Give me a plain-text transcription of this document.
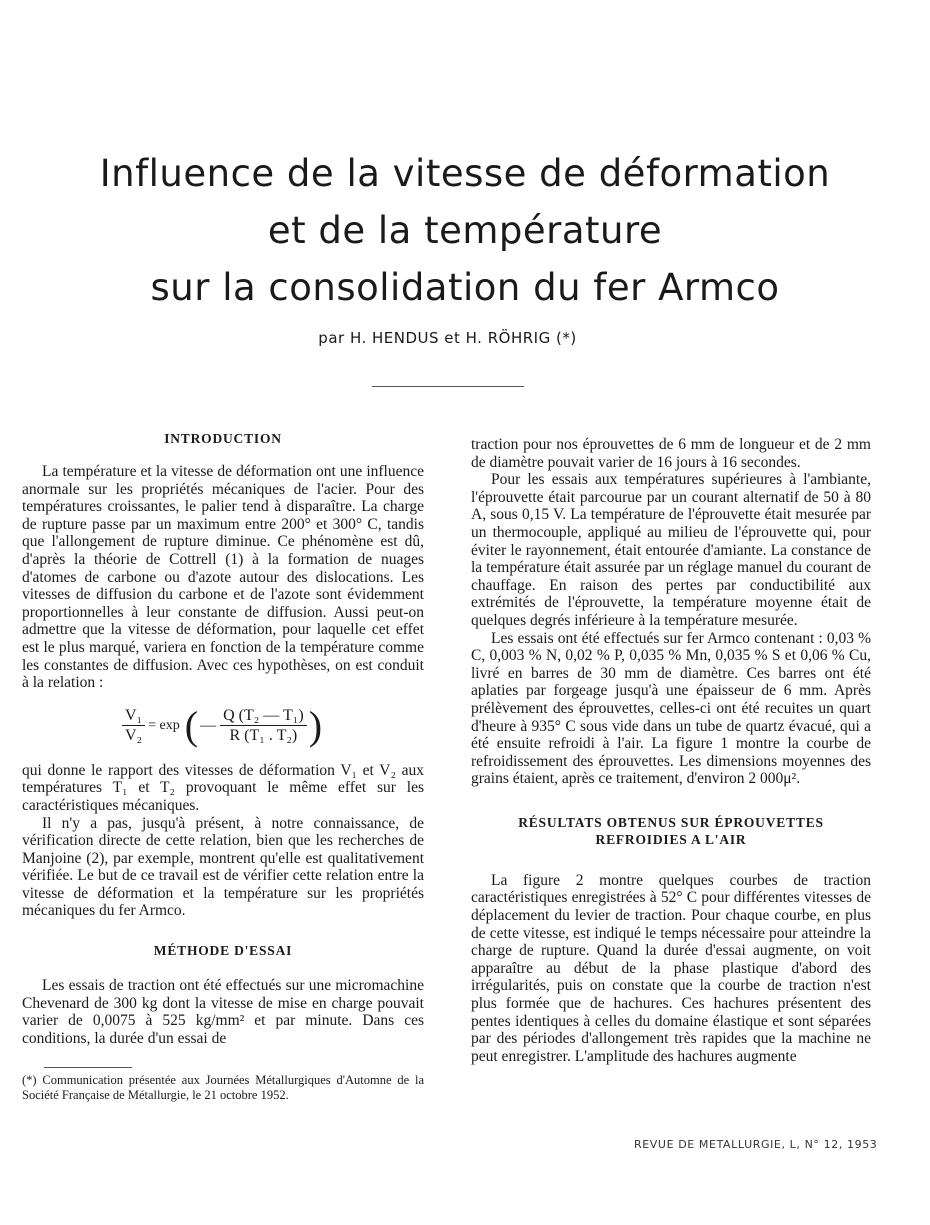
Influence de la vitesse de déformation
et de la température
sur la consolidation du fer Armco
par H. HENDUS et H. RÖHRIG (*)
INTRODUCTION

La température et la vitesse de déformation ont une influence anormale sur les propriétés mécaniques de l'acier. Pour des températures croissantes, le palier tend à disparaître. La charge de rupture passe par un maximum entre 200° et 300° C, tandis que l'allongement de rupture diminue. Ce phénomène est dû, d'après la théorie de Cottrell (1) à la formation de nuages d'atomes de carbone ou d'azote autour des dislocations. Les vitesses de diffusion du carbone et de l'azote sont évidemment proportionnelles à leur constante de diffusion. Aussi peut-on admettre que la vitesse de déformation, pour laquelle cet effet est le plus marqué, variera en fonction de la température comme les constantes de diffusion. Avec ces hypothèses, on est conduit à la relation :

$\frac{\text{V₁}}{\text{V₂}} = \exp$ ( — $\frac{\text{Q (T₂ — T₁)}}{\text{R (T₁ . T₂)}}$ )

qui donne le rapport des vitesses de déformation V₁ et V₂ aux températures T₁ et T₂ provoquant le même effet sur les caractéristiques mécaniques.

Il n'y a pas, jusqu'à présent, à notre connaissance, de vérification directe de cette relation, bien que les recherches de Manjoine (2), par exemple, montrent qu'elle est qualitativement vérifiée. Le but de ce travail est de vérifier cette relation entre la vitesse de déformation et la température sur les propriétés mécaniques du fer Armco.

MÉTHODE D'ESSAI

Les essais de traction ont été effectués sur une micromachine Chevenard de 300 kg dont la vitesse de mise en charge pouvait varier de 0,0075 à 525 kg/mm² et par minute. Dans ces conditions, la durée d'un essai de

(*) Communication présentée aux Journées Métallurgiques d'Automne de la Société Française de Métallurgie, le 21 octobre 1952.

traction pour nos éprouvettes de 6 mm de longueur et de 2 mm de diamètre pouvait varier de 16 jours à 16 secondes.

Pour les essais aux températures supérieures à l'ambiante, l'éprouvette était parcourue par un courant alternatif de 50 à 80 A, sous 0,15 V. La température de l'éprouvette était mesurée par un thermocouple, appliqué au milieu de l'éprouvette qui, pour éviter le rayonnement, était entourée d'amiante. La constance de la température était assurée par un réglage manuel du courant de chauffage. En raison des pertes par conductibilité aux extrémités de l'éprouvette, la température moyenne était de quelques degrés inférieure à la température mesurée.

Les essais ont été effectués sur fer Armco contenant : 0,03 % C, 0,003 % N, 0,02 % P, 0,035 % Mn, 0,035 % S et 0,06 % Cu, livré en barres de 30 mm de diamètre. Ces barres ont été aplaties par forgeage jusqu'à une épaisseur de 6 mm. Après prélèvement des éprouvettes, celles-ci ont été recuites un quart d'heure à 935° C sous vide dans un tube de quartz évacué, qui a été ensuite refroidi à l'air. La figure 1 montre la courbe de refroidissement des éprouvettes. Les dimensions moyennes des grains étaient, après ce traitement, d'environ 2 000μ².

RÉSULTATS OBTENUS SUR ÉPROUVETTES
REFROIDIES A L'AIR

La figure 2 montre quelques courbes de traction caractéristiques enregistrées à 52° C pour différentes vitesses de déplacement du levier de traction. Pour chaque courbe, en plus de cette vitesse, est indiqué le temps nécessaire pour atteindre la charge de rupture. Quand la durée d'essai augmente, on voit apparaître au début de la phase plastique d'abord des irrégularités, puis on constate que la courbe de traction n'est plus formée que de hachures. Ces hachures présentent des pentes identiques à celles du domaine élastique et sont séparées par des périodes d'allongement très rapides que la machine ne peut enregistrer. L'amplitude des hachures augmente

REVUE DE METALLURGIE, L, N° 12, 1953
